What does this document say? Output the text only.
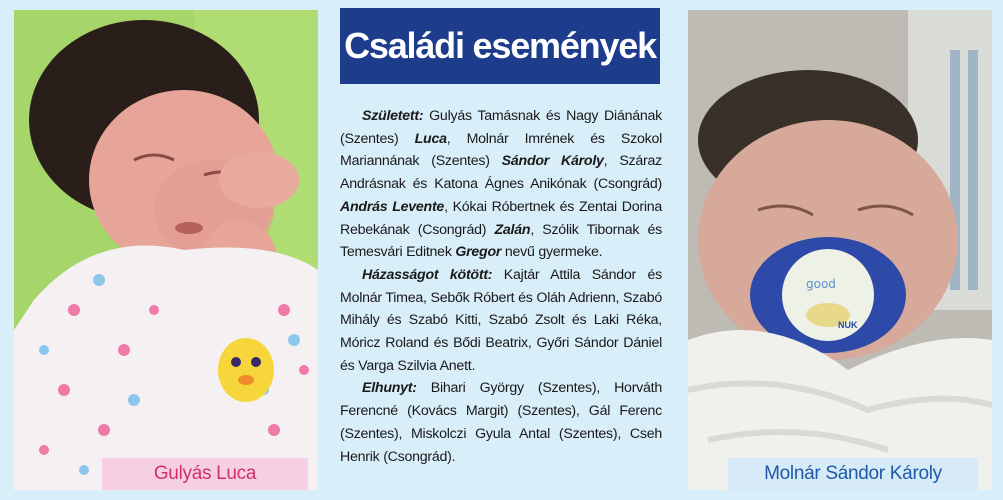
Gulyás Luca
Családi események

Született: Gulyás Tamásnak és Nagy Diánának (Szentes) Luca, Molnár Imrének és Szokol Mariannának (Szentes) Sándor Károly, Száraz Andrásnak és Katona Ágnes Anikónak (Csongrád) András Levente, Kókai Róbertnek és Zentai Dorina Rebekának (Csongrád) Zalán, Szólik Tibornak és Temesvári Editnek Gregor nevű gyermeke.

Házasságot kötött: Kajtár Attila Sándor és Molnár Timea, Sebők Róbert és Oláh Adrienn, Szabó Mihály és Szabó Kitti, Szabó Zsolt és Laki Réka, Móricz Roland és Bődi Beatrix, Győri Sándor Dániel és Varga Szilvia Anett.

Elhunyt: Bihari György (Szentes), Horváth Ferencné (Kovács Margit) (Szentes), Gál Ferenc (Szentes), Miskolczi Gyula Antal (Szentes), Cseh Henrik (Csongrád).

good
NUK
Molnár Sándor Károly
